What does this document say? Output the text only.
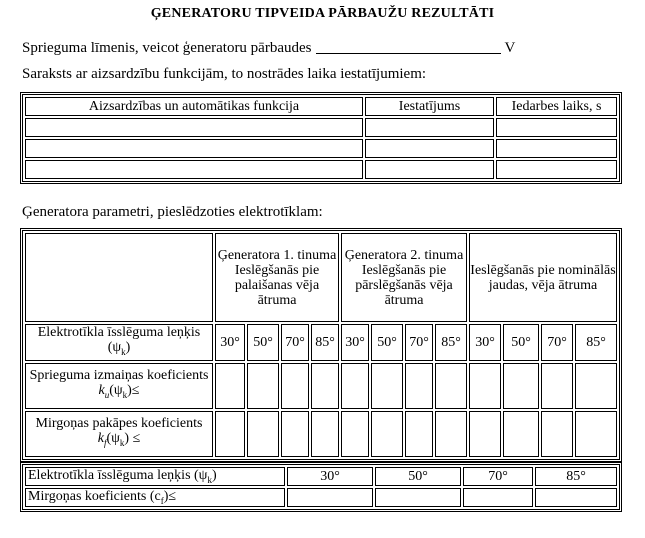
ĢENERATORU TIPVEIDA PĀRBAUŽU REZULTĀTI
Sprieguma līmenis, veicot ģeneratoru pārbaudes	V
Saraksts ar aizsardzību funkcijām, to nostrādes laika iestatījumiem:
Aizsardzības un automātikas funkcija	Iestatījums	Iedarbes laiks, s

Ģeneratora parametri, pieslēdzoties elektrotīklam:
	Ģeneratora 1. tinuma Ieslēgšanās pie palaišanas vēja ātruma				Ģeneratora 2. tinuma Ieslēgšanās pie pārslēgšanās vēja ātruma				Ieslēgšanās pie nominālās jaudas, vēja ātruma			
Elektrotīkla īsslēguma leņķis $(\psi_k)$	30°	50°	70°	85°	30°	50°	70°	85°	30°	50°	70°	85°
Sprieguma izmaiņas koeficients $k_u(\psi_k)\le$												
Mirgoņas pakāpes koeficients $k_f(\psi_k)$ ≤												
Elektrotīkla īsslēguma leņķis $(\psi_k)$	30°	50°	70°	85°
Mirgoņas koeficients $(c_f)\le$				
